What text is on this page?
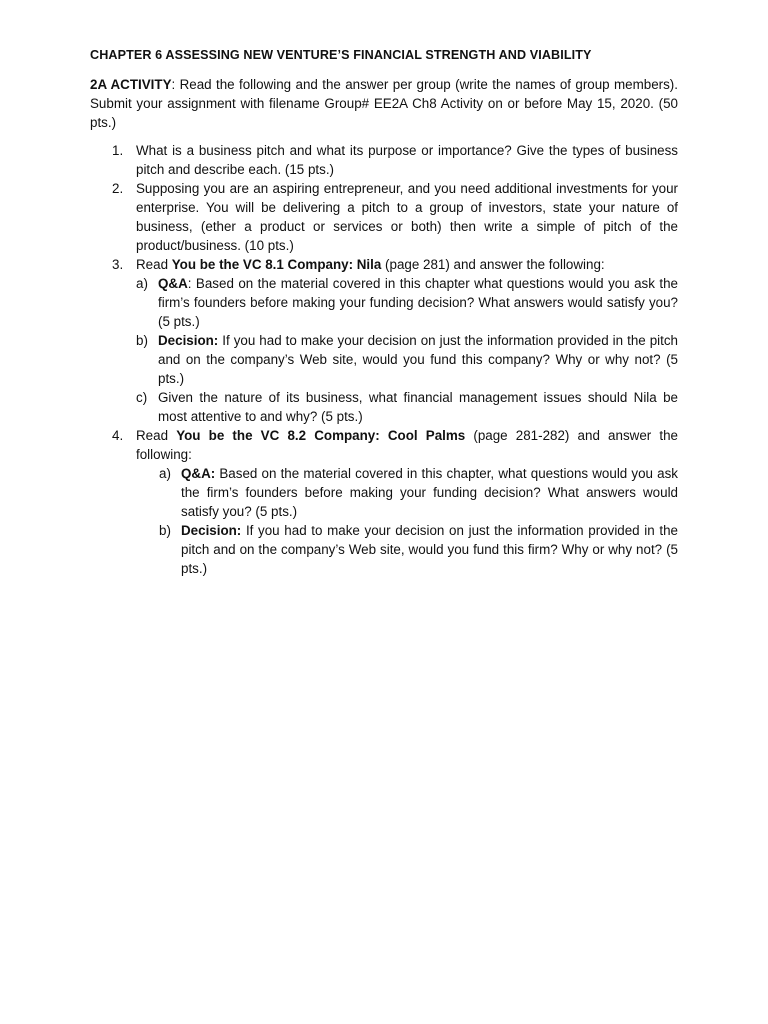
CHAPTER 6 ASSESSING NEW VENTURE’S FINANCIAL STRENGTH AND VIABILITY

2A ACTIVITY: Read the following and the answer per group (write the names of group members). Submit your assignment with filename Group# EE2A Ch8 Activity on or before May 15, 2020. (50 pts.)

1. What is a business pitch and what its purpose or importance? Give the types of business pitch and describe each. (15 pts.)
2. Supposing you are an aspiring entrepreneur, and you need additional investments for your enterprise. You will be delivering a pitch to a group of investors, state your nature of business, (ether a product or services or both) then write a simple of pitch of the product/business. (10 pts.)
3. Read You be the VC 8.1 Company: Nila (page 281) and answer the following:
a) Q&A: Based on the material covered in this chapter what questions would you ask the firm’s founders before making your funding decision? What answers would satisfy you? (5 pts.)
b) Decision: If you had to make your decision on just the information provided in the pitch and on the company’s Web site, would you fund this company? Why or why not? (5 pts.)
c) Given the nature of its business, what financial management issues should Nila be most attentive to and why? (5 pts.)
4. Read You be the VC 8.2 Company: Cool Palms (page 281-282) and answer the following:
a) Q&A: Based on the material covered in this chapter, what questions would you ask the firm’s founders before making your funding decision? What answers would satisfy you? (5 pts.)
b) Decision: If you had to make your decision on just the information provided in the pitch and on the company’s Web site, would you fund this firm? Why or why not? (5 pts.)
